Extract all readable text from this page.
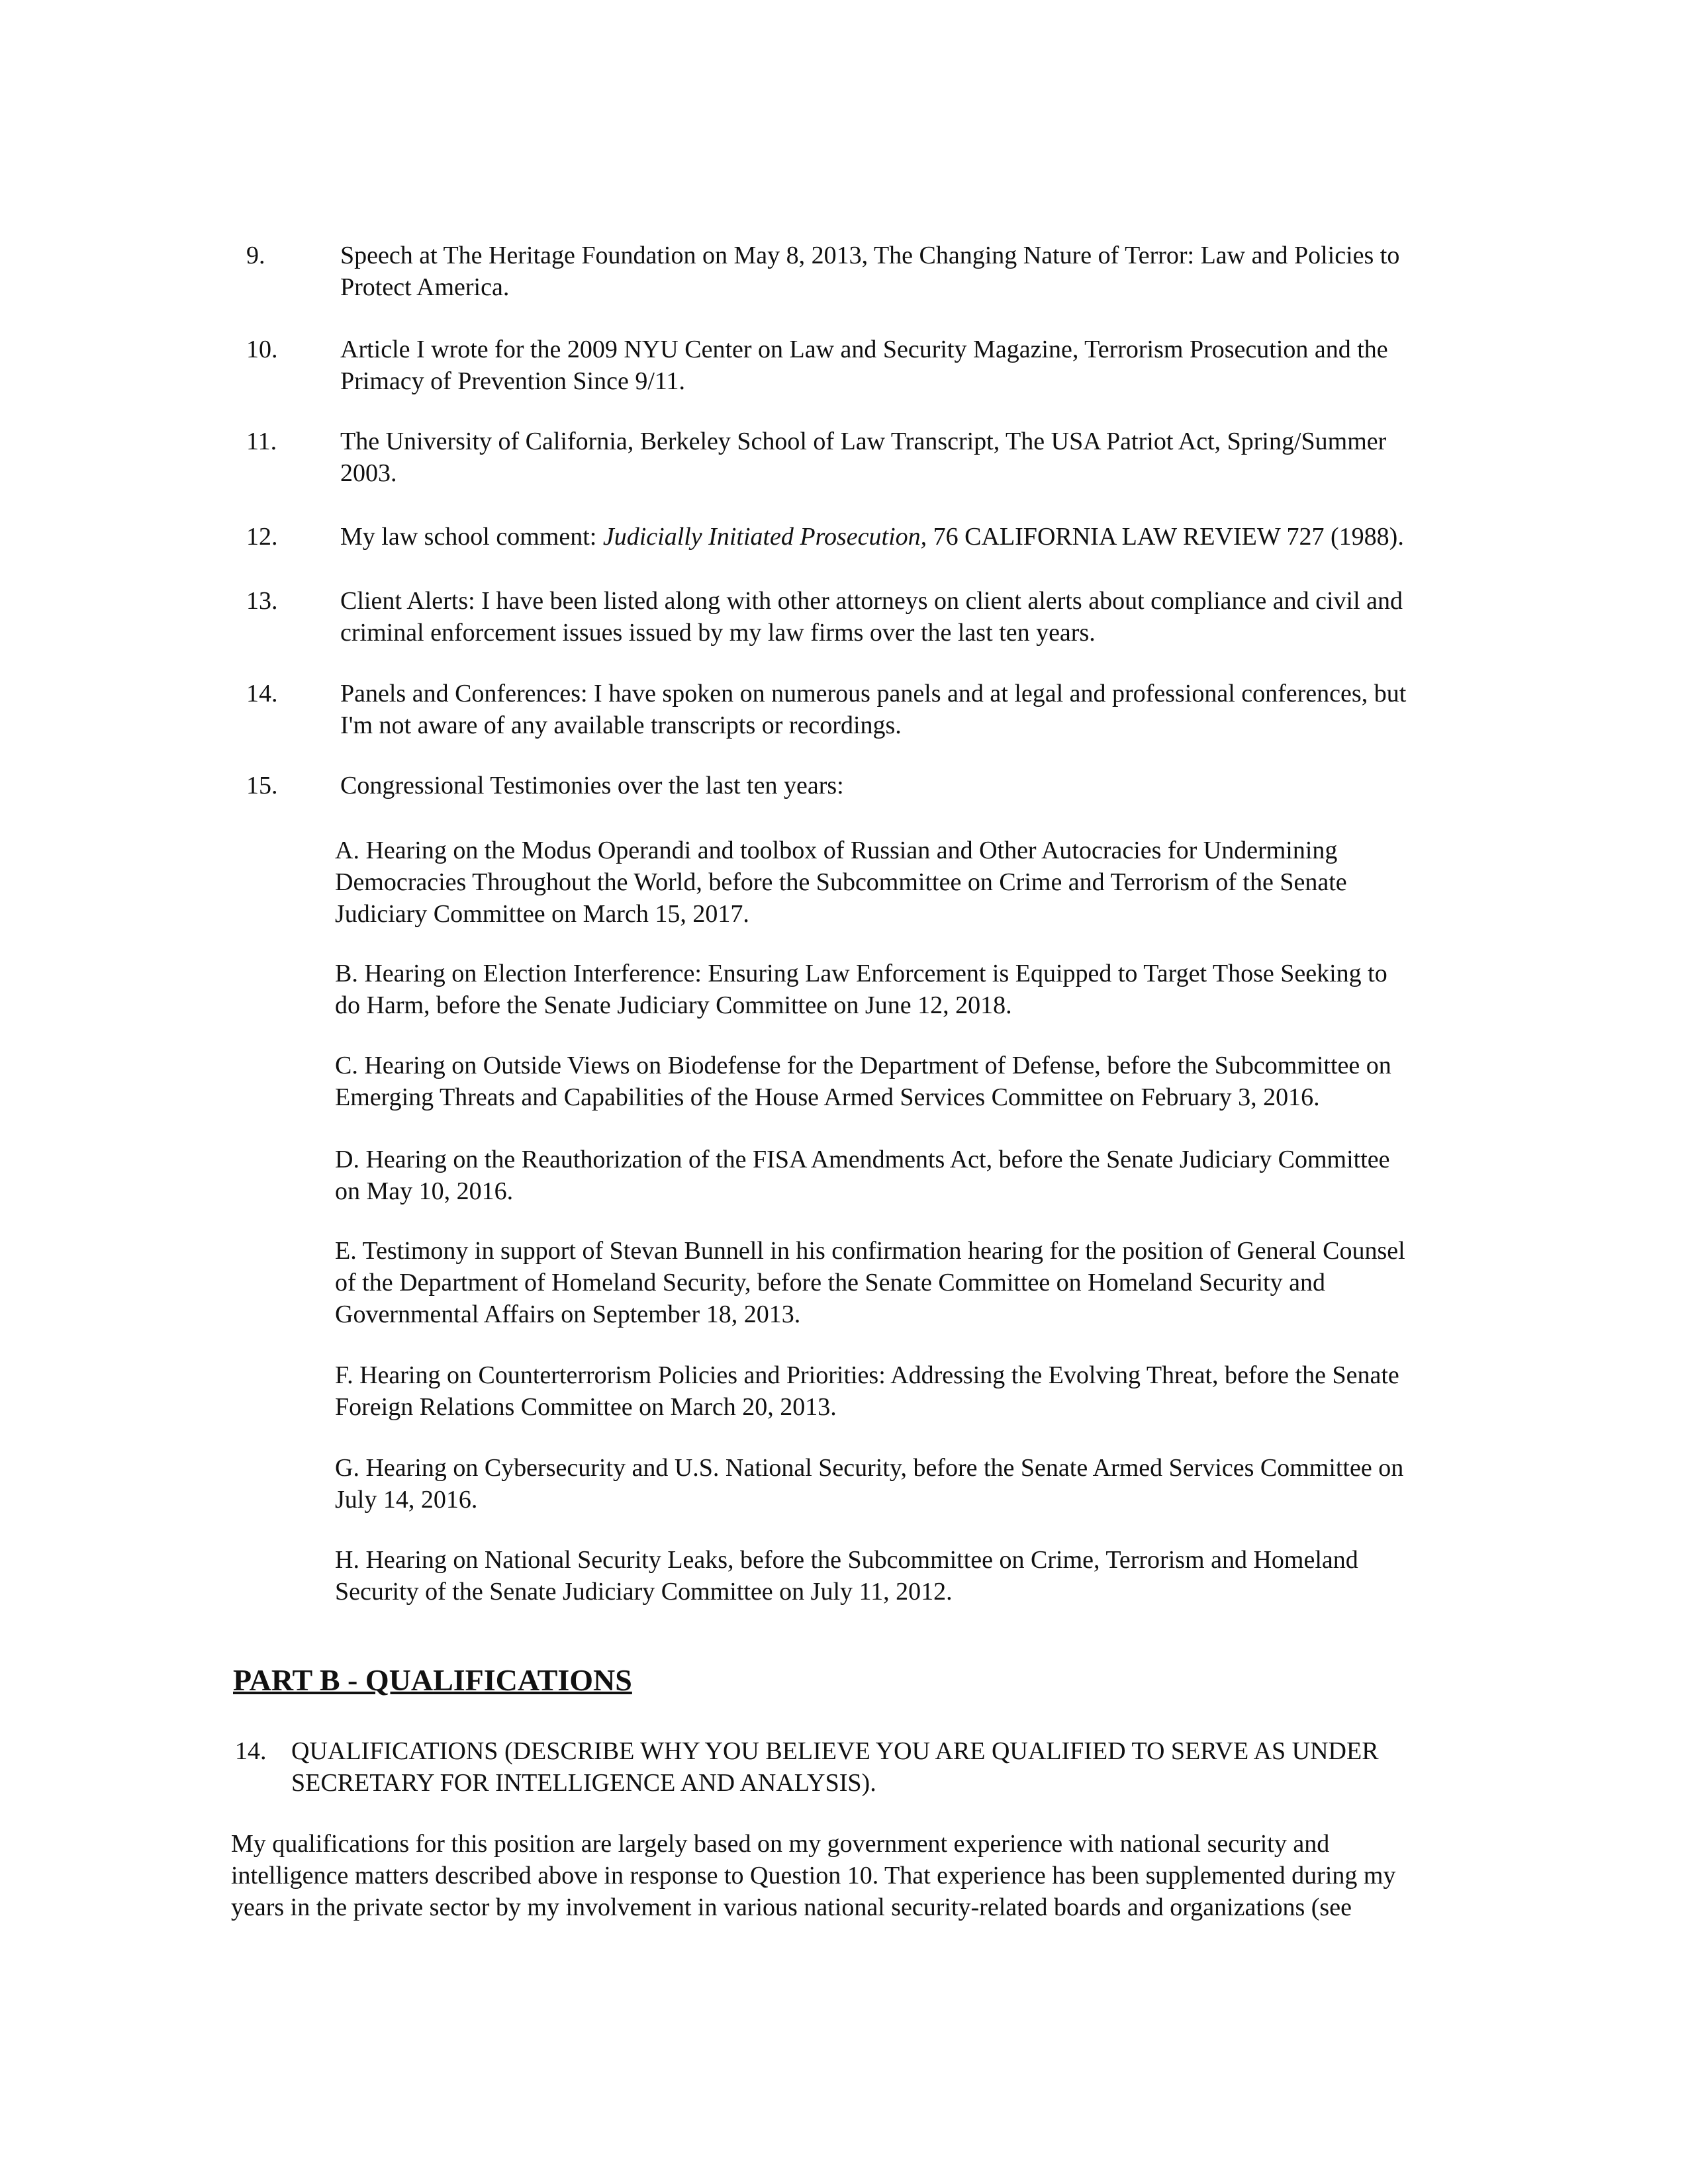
9.	Speech at The Heritage Foundation on May 8, 2013, The Changing Nature of Terror: Law and Policies to
Protect America.
10. Article I wrote for the 2009 NYU Center on Law and Security Magazine, Terrorism Prosecution and the
Primacy of Prevention Since 9/11.
11.	The University of California, Berkeley School of Law Transcript, The USA Patriot Act, Spring/Summer
2003.
12. My law school comment: Judicially Initiated Prosecution, 76 CALIFORNIA LAW REVIEW 727 (1988).
13. Client Alerts: I have been listed along with other attorneys on client alerts about compliance and civil and
criminal enforcement issues issued by my law firms over the last ten years.
14. Panels and Conferences: I have spoken on numerous panels and at legal and professional conferences, but
I'm not aware of any available transcripts or recordings.
15. Congressional Testimonies over the last ten years:
A. Hearing on the Modus Operandi and toolbox of Russian and Other Autocracies for Undermining
Democracies Throughout the World, before the Subcommittee on Crime and Terrorism of the Senate
Judiciary Committee on March 15, 2017.
B. Hearing on Election Interference: Ensuring Law Enforcement is Equipped to Target Those Seeking to
do Harm, before the Senate Judiciary Committee on June 12, 2018.
C. Hearing on Outside Views on Biodefense for the Department of Defense, before the Subcommittee on
Emerging Threats and Capabilities of the House Armed Services Committee on February 3, 2016.
D. Hearing on the Reauthorization of the FISA Amendments Act, before the Senate Judiciary Committee
on May 10, 2016.
E. Testimony in support of Stevan Bunnell in his confirmation hearing for the position of General Counsel
of the Department of Homeland Security, before the Senate Committee on Homeland Security and
Governmental Affairs on September 18, 2013.
F. Hearing on Counterterrorism Policies and Priorities: Addressing the Evolving Threat, before the Senate
Foreign Relations Committee on March 20, 2013.
G. Hearing on Cybersecurity and U.S. National Security, before the Senate Armed Services Committee on
July 14, 2016.
H. Hearing on National Security Leaks, before the Subcommittee on Crime, Terrorism and Homeland
Security of the Senate Judiciary Committee on July 11, 2012.
PART B - QUALIFICATIONS
14. QUALIFICATIONS (DESCRIBE WHY YOU BELIEVE YOU ARE QUALIFIED TO SERVE AS UNDER
SECRETARY FOR INTELLIGENCE AND ANALYSIS).
My qualifications for this position are largely based on my government experience with national security and
intelligence matters described above in response to Question 10. That experience has been supplemented during my
years in the private sector by my involvement in various national security-related boards and organizations (see
